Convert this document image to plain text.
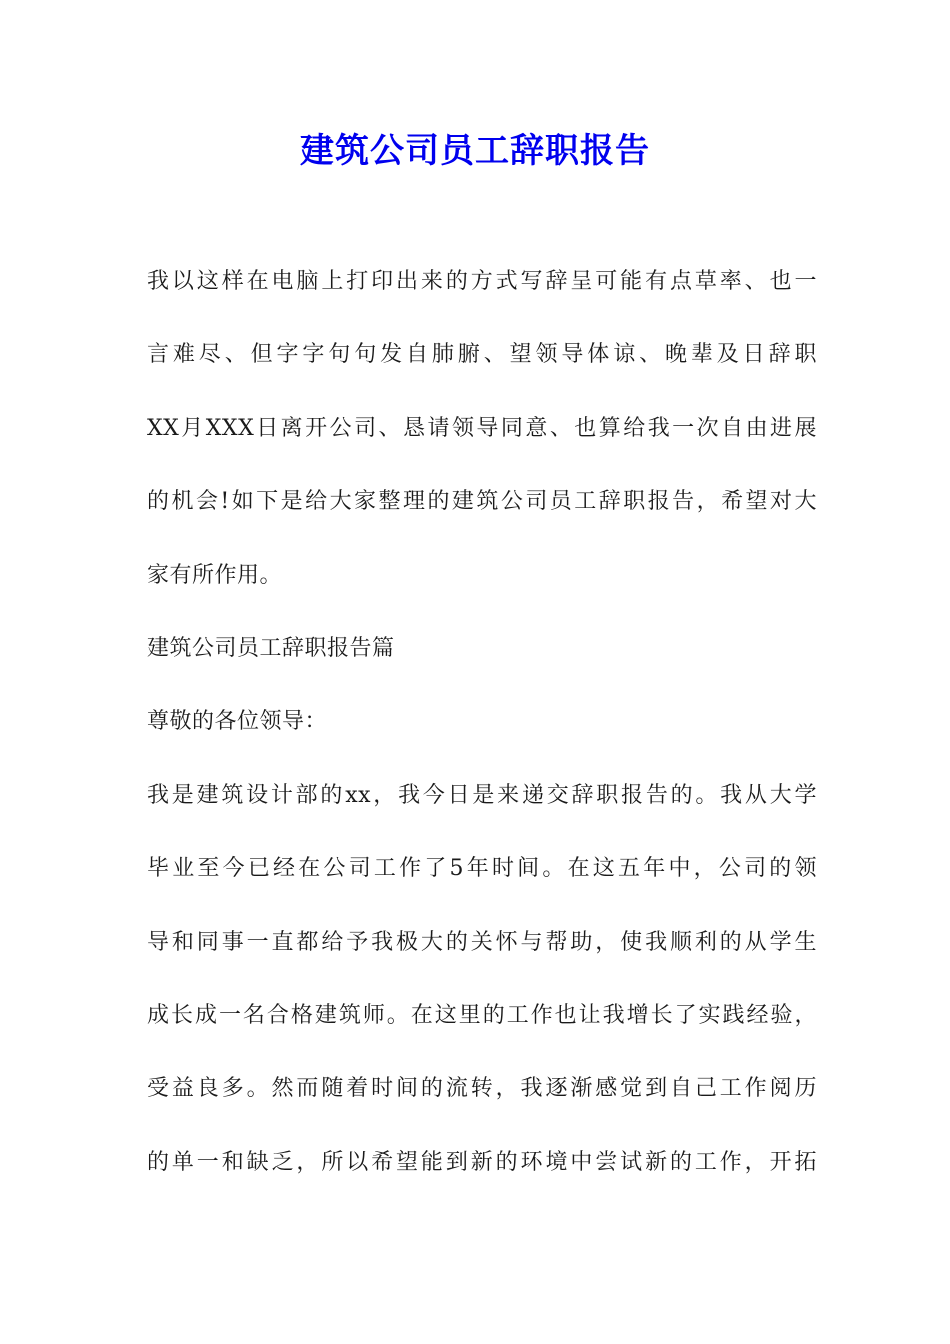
建筑公司员工辞职报告
我以这样在电脑上打印出来的方式写辞呈可能有点草率、也一
言难尽、但字字句句发自肺腑、望领导体谅、晚辈及日辞职
XX月XXX日离开公司、恳请领导同意、也算给我一次自由进展
的机会!如下是给大家整理的建筑公司员工辞职报告，希望对大
家有所作用。
建筑公司员工辞职报告篇
尊敬的各位领导：
我是建筑设计部的xx，我今日是来递交辞职报告的。我从大学
毕业至今已经在公司工作了5年时间。在这五年中，公司的领
导和同事一直都给予我极大的关怀与帮助，使我顺利的从学生
成长成一名合格建筑师。在这里的工作也让我增长了实践经验，
受益良多。然而随着时间的流转，我逐渐感觉到自己工作阅历
的单一和缺乏，所以希望能到新的环境中尝试新的工作，开拓
